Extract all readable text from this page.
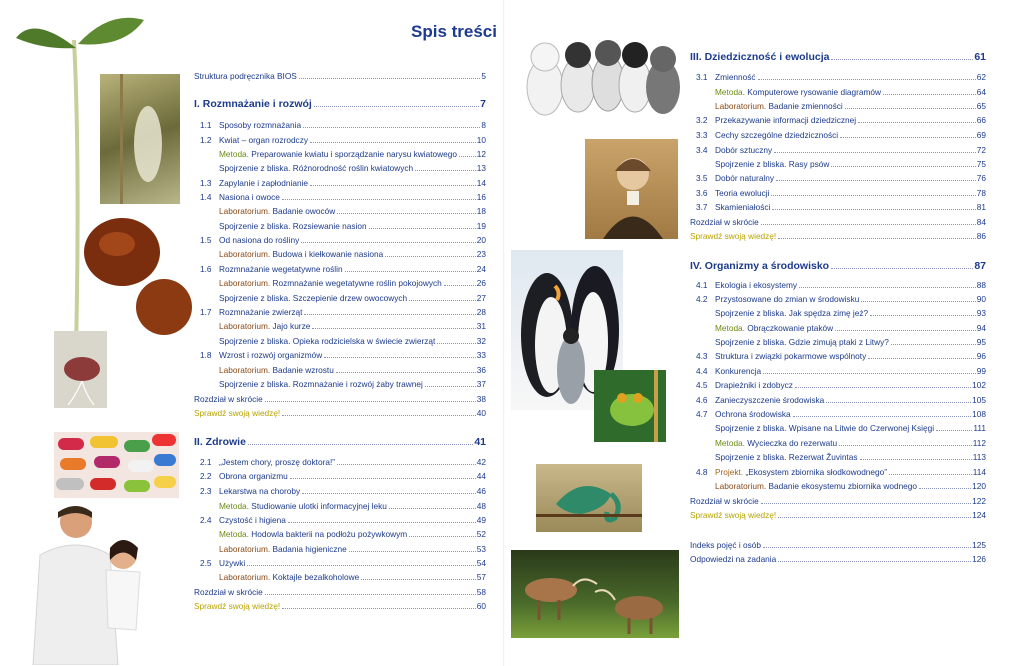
Spis treści
Struktura podręcznika BIOS	5
I. Rozmnażanie i rozwój	7
1.1 Sposoby rozmnażania	8
1.2 Kwiat – organ rozrodczy	10
Metoda. Preparowanie kwiatu i sporządzanie narysu kwiatowego 12
Spojrzenie z bliska. Różnorodność roślin kwiatowych	13
1.3 Zapylanie i zapłodnianie	14
1.4 Nasiona i owoce	16
Laboratorium. Badanie owoców	18
Spojrzenie z bliska. Rozsiewanie nasion	19
1.5 Od nasiona do rośliny	20
Laboratorium. Budowa i kiełkowanie nasiona	23
1.6 Rozmnażanie wegetatywne roślin	24
Laboratorium. Rozmnażanie wegetatywne roślin pokojowych	26
Spojrzenie z bliska. Szczepienie drzew owocowych	27
1.7 Rozmnażanie zwierząt	28
Laboratorium. Jajo kurze	31
Spojrzenie z bliska. Opieka rodzicielska w świecie zwierząt	32
1.8 Wzrost i rozwój organizmów	33
Laboratorium. Badanie wzrostu	36
Spojrzenie z bliska. Rozmnażanie i rozwój żaby trawnej	37
Rozdział w skrócie	38
Sprawdź swoją wiedzę!	40
II. Zdrowie	41
2.1 „Jestem chory, proszę doktora!”	42
2.2 Obrona organizmu	44
2.3 Lekarstwa na choroby	46
Metoda. Studiowanie ulotki informacyjnej leku	48
2.4 Czystość i higiena	49
Metoda. Hodowla bakterii na podłożu pożywkowym	52
Laboratorium. Badania higieniczne	53
2.5 Używki	54
Laboratorium. Koktajle bezalkoholowe	57
Rozdział w skrócie	58
Sprawdź swoją wiedzę!	60
III. Dziedziczność i ewolucja	61
3.1 Zmienność	62
Metoda. Komputerowe rysowanie diagramów	64
Laboratorium. Badanie zmienności	65
3.2 Przekazywanie informacji dziedzicznej	66
3.3 Cechy szczególne dziedziczności	69
3.4 Dobór sztuczny	72
Spojrzenie z bliska. Rasy psów	75
3.5 Dobór naturalny	76
3.6 Teoria ewolucji	78
3.7 Skamieniałości	81
Rozdział w skrócie	84
Sprawdź swoją wiedzę!	86
IV. Organizmy a środowisko	87
4.1 Ekologia i ekosystemy	88
4.2 Przystosowane do zmian w środowisku	90
Spojrzenie z bliska. Jak spędza zimę jeż?	93
Metoda. Obrączkowanie ptaków	94
Spojrzenie z bliska. Gdzie zimują ptaki z Litwy?	95
4.3 Struktura i związki pokarmowe wspólnoty	96
4.4 Konkurencja	99
4.5 Drapieżniki i zdobycz	102
4.6 Zanieczyszczenie środowiska	105
4.7 Ochrona środowiska	108
Spojrzenie z bliska. Wpisane na Litwie do Czerwonej Księgi	111
Metoda. Wycieczka do rezerwatu	112
Spojrzenie z bliska. Rezerwat Žuvintas	113
4.8 Projekt. „Ekosystem zbiornika słodkowodnego”	114
Laboratorium. Badanie ekosystemu zbiornika wodnego	120
Rozdział w skrócie	122
Sprawdź swoją wiedzę!	124
Indeks pojęć i osób	125
Odpowiedzi na zadania	126
